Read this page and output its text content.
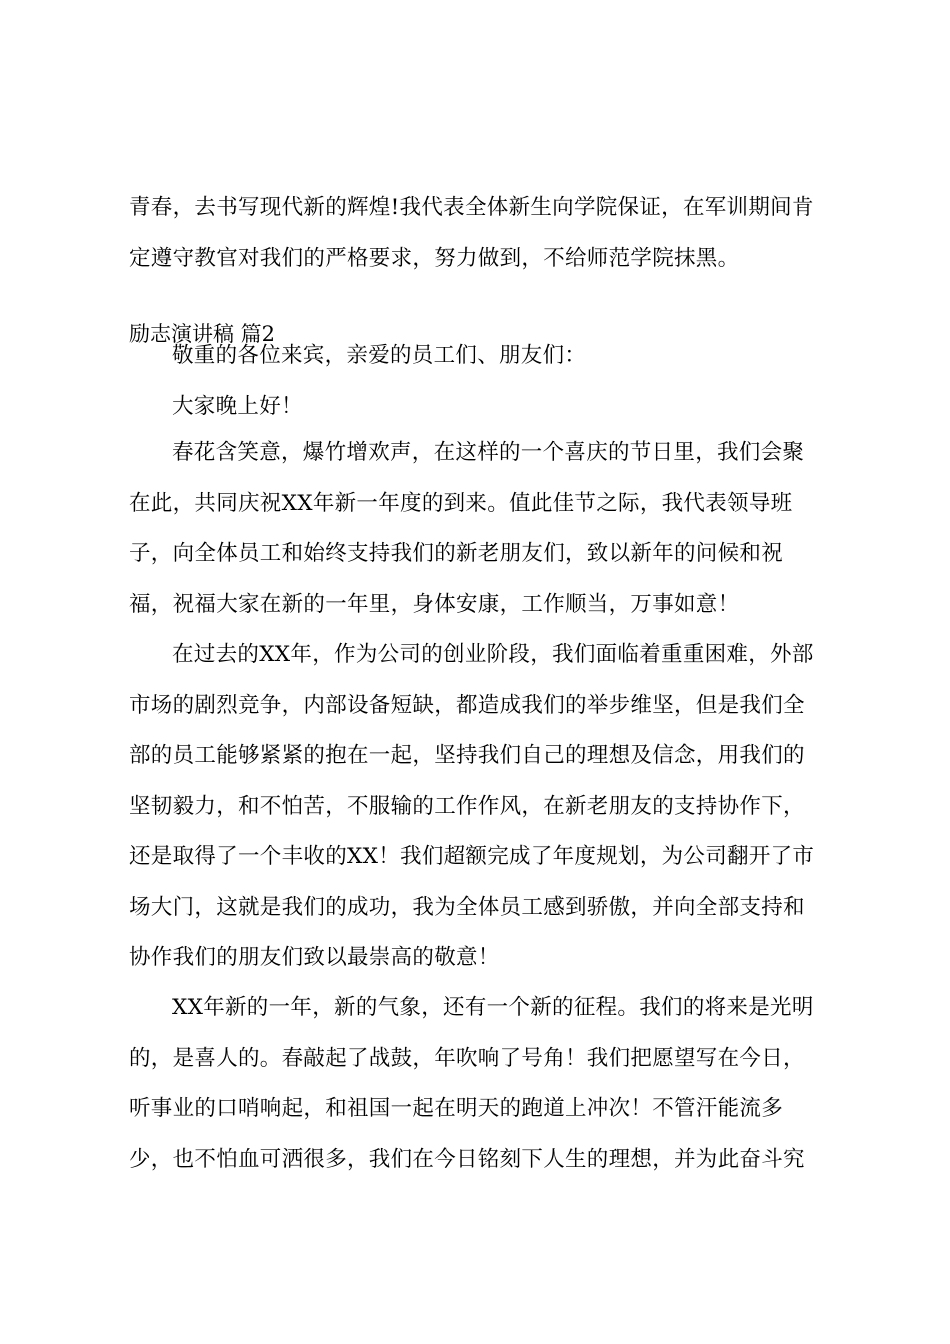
青春，去书写现代新的辉煌!我代表全体新生向学院保证，在军训期间肯
定遵守教官对我们的严格要求，努力做到，不给师范学院抹黑。
励志演讲稿 篇2
敬重的各位来宾，亲爱的员工们、朋友们：
大家晚上好！
春花含笑意，爆竹增欢声，在这样的一个喜庆的节日里，我们会聚
在此，共同庆祝XX年新一年度的到来。值此佳节之际，我代表领导班
子，向全体员工和始终支持我们的新老朋友们，致以新年的问候和祝
福，祝福大家在新的一年里，身体安康，工作顺当，万事如意！
在过去的XX年，作为公司的创业阶段，我们面临着重重困难，外部
市场的剧烈竞争，内部设备短缺，都造成我们的举步维坚，但是我们全
部的员工能够紧紧的抱在一起，坚持我们自己的理想及信念，用我们的
坚韧毅力，和不怕苦，不服输的工作作风，在新老朋友的支持协作下，
还是取得了一个丰收的XX！我们超额完成了年度规划，为公司翻开了市
场大门，这就是我们的成功，我为全体员工感到骄傲，并向全部支持和
协作我们的朋友们致以最崇高的敬意！
XX年新的一年，新的气象，还有一个新的征程。我们的将来是光明
的，是喜人的。春敲起了战鼓，年吹响了号角！我们把愿望写在今日，
听事业的口哨响起，和祖国一起在明天的跑道上冲次！不管汗能流多
少，也不怕血可洒很多，我们在今日铭刻下人生的理想，并为此奋斗究
